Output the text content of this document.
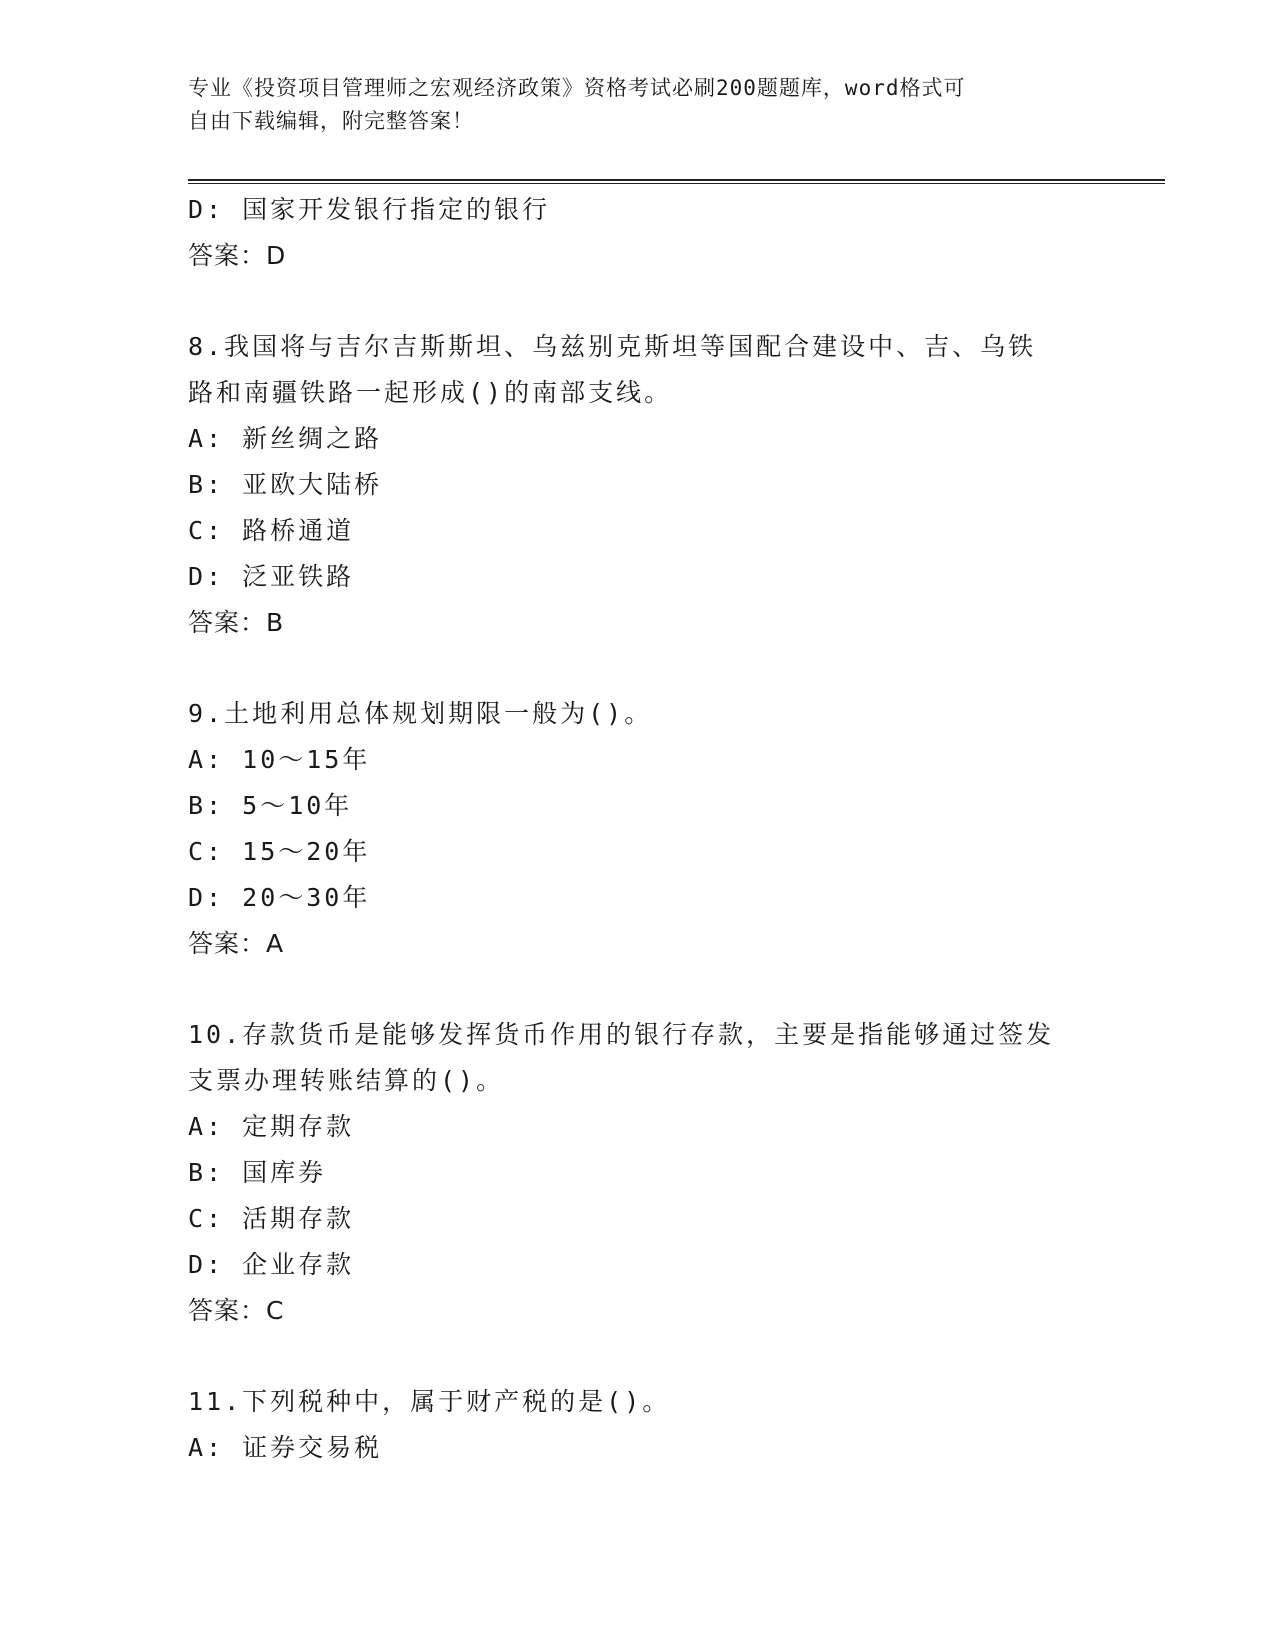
专业《投资项目管理师之宏观经济政策》资格考试必刷200题题库，word格式可
自由下载编辑，附完整答案！
D: 国家开发银行指定的银行
答案：D
8.我国将与吉尔吉斯斯坦、乌兹别克斯坦等国配合建设中、吉、乌铁
路和南疆铁路一起形成()的南部支线。
A: 新丝绸之路
B: 亚欧大陆桥
C: 路桥通道
D: 泛亚铁路
答案：B
9.土地利用总体规划期限一般为()。
A: 10～15年
B: 5～10年
C: 15～20年
D: 20～30年
答案：A
10.存款货币是能够发挥货币作用的银行存款，主要是指能够通过签发
支票办理转账结算的()。
A: 定期存款
B: 国库券
C: 活期存款
D: 企业存款
答案：C
11.下列税种中，属于财产税的是()。
A: 证券交易税
